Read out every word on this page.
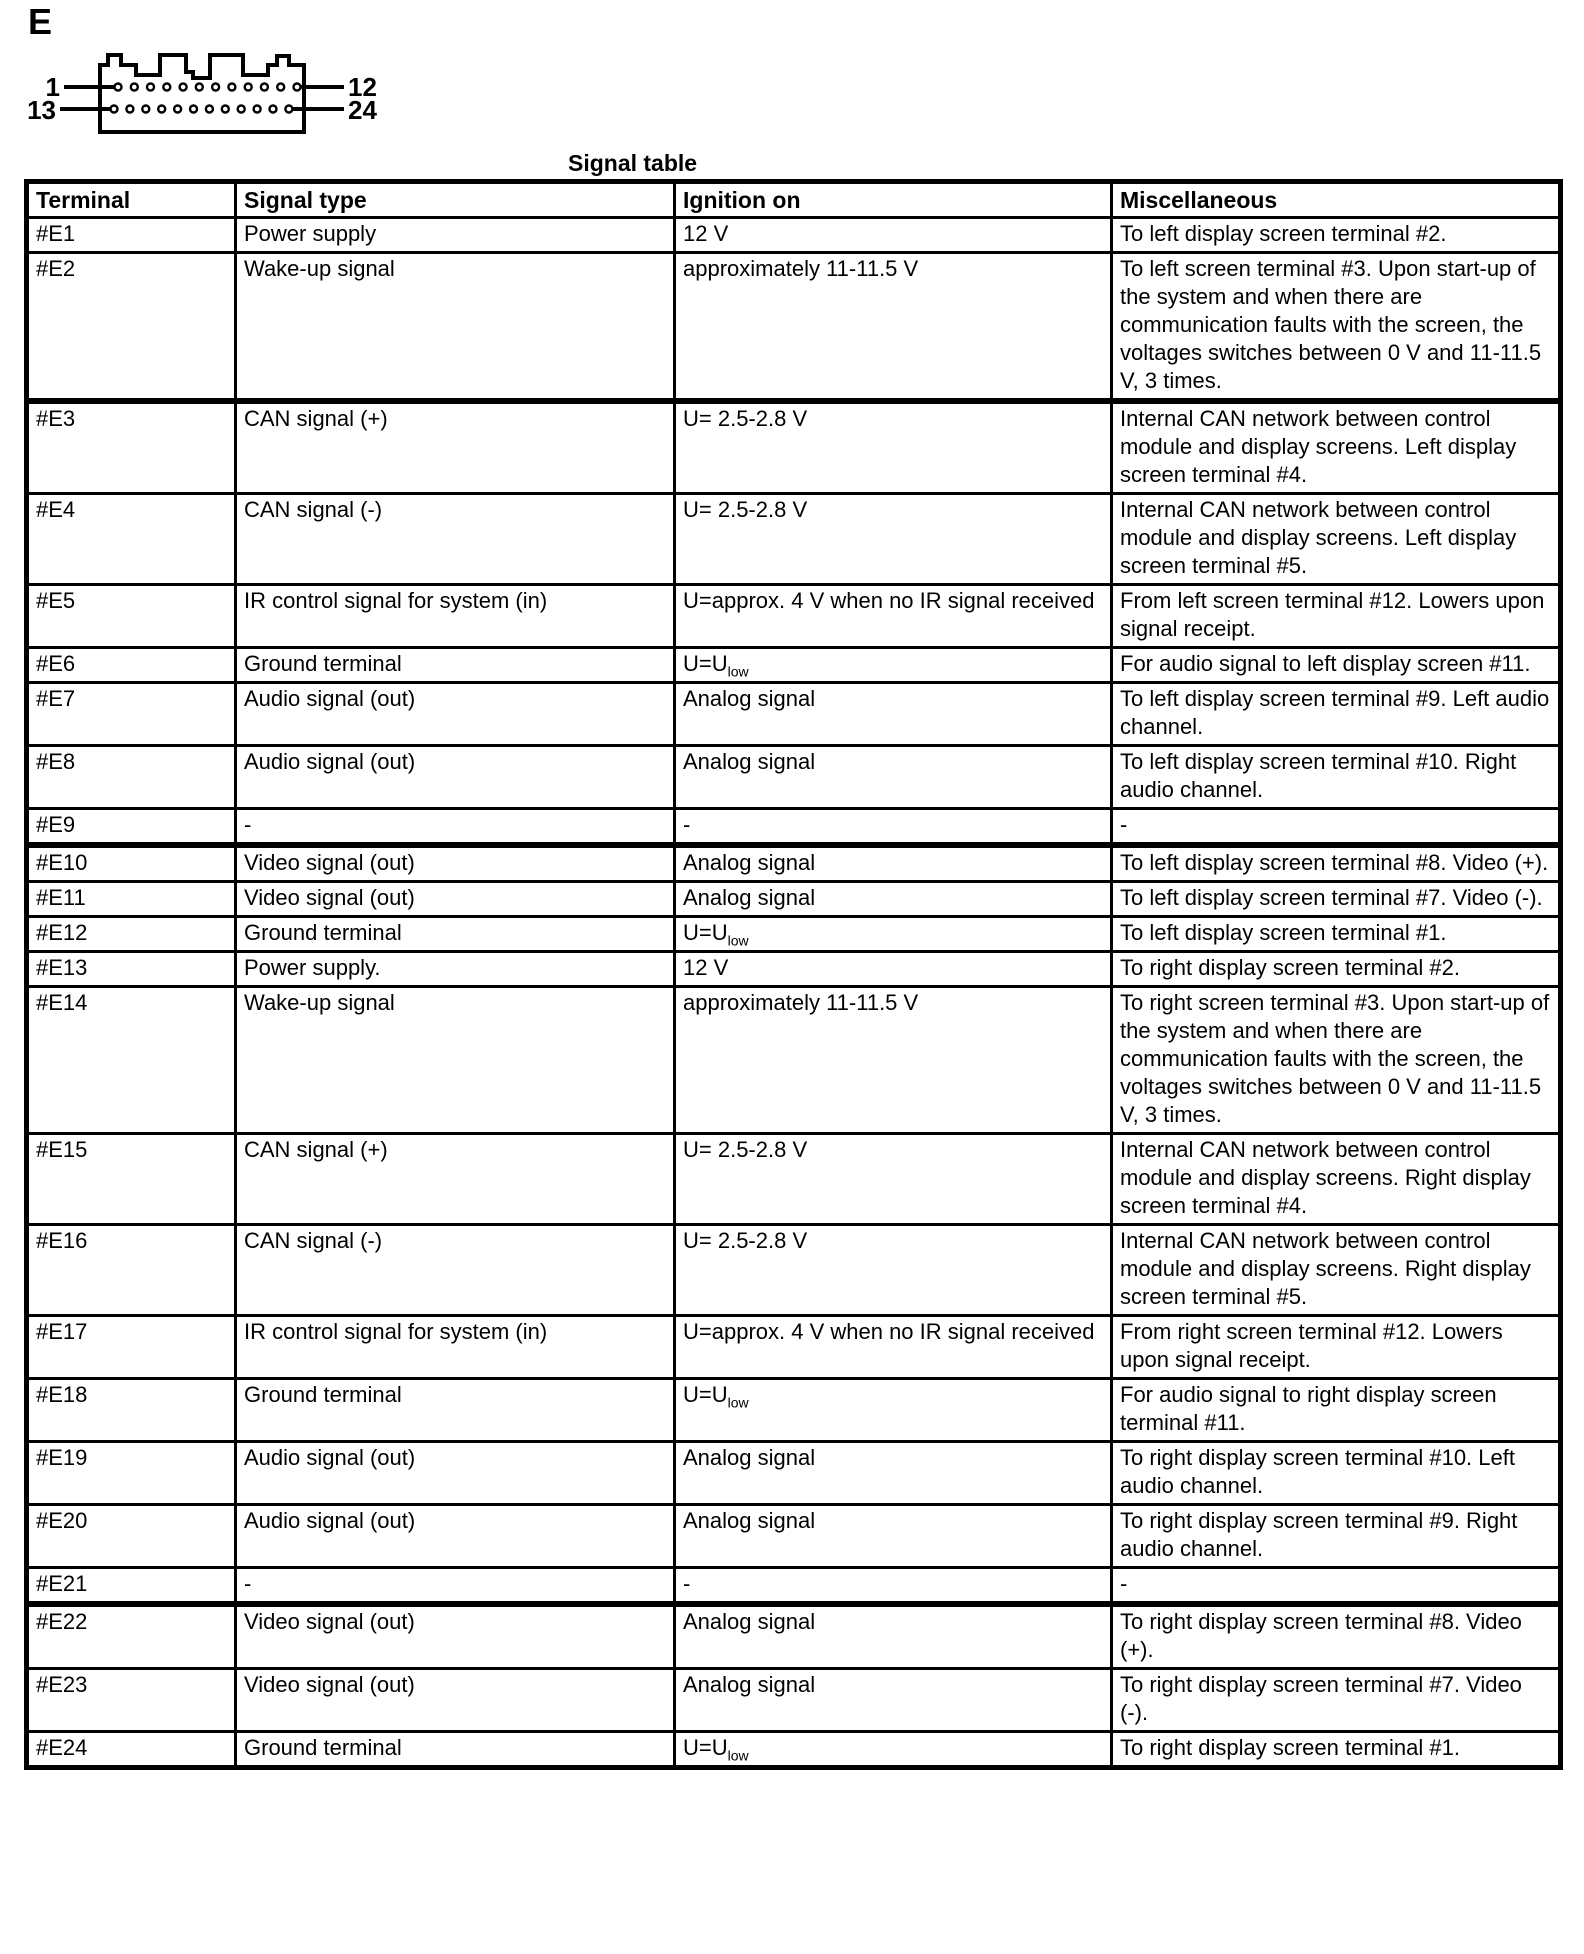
E
1
13
12
24
Signal table
Terminal	Signal type	Ignition on	Miscellaneous
#E1	Power supply	12 V	To left display screen terminal #2.
#E2	Wake-up signal	approximately 11-11.5 V	To left screen terminal #3. Upon start-up of the system and when there are communication faults with the screen, the voltages switches between 0 V and 11-11.5 V, 3 times.
#E3	CAN signal (+)	U= 2.5-2.8 V	Internal CAN network between control module and display screens. Left display screen terminal #4.
#E4	CAN signal (-)	U= 2.5-2.8 V	Internal CAN network between control module and display screens. Left display screen terminal #5.
#E5	IR control signal for system (in)	U=approx. 4 V when no IR signal received	From left screen terminal #12. Lowers upon signal receipt.
#E6	Ground terminal	$U=U_{low}$	For audio signal to left display screen #11.
#E7	Audio signal (out)	Analog signal	To left display screen terminal #9. Left audio channel.
#E8	Audio signal (out)	Analog signal	To left display screen terminal #10. Right audio channel.
#E9	-	-	-
#E10	Video signal (out)	Analog signal	To left display screen terminal #8. Video (+).
#E11	Video signal (out)	Analog signal	To left display screen terminal #7. Video (-).
#E12	Ground terminal	$U=U_{low}$	To left display screen terminal #1.
#E13	Power supply.	12 V	To right display screen terminal #2.
#E14	Wake-up signal	approximately 11-11.5 V	To right screen terminal #3. Upon start-up of the system and when there are communication faults with the screen, the voltages switches between 0 V and 11-11.5 V, 3 times.
#E15	CAN signal (+)	U= 2.5-2.8 V	Internal CAN network between control module and display screens. Right display screen terminal #4.
#E16	CAN signal (-)	U= 2.5-2.8 V	Internal CAN network between control module and display screens. Right display screen terminal #5.
#E17	IR control signal for system (in)	U=approx. 4 V when no IR signal received	From right screen terminal #12. Lowers upon signal receipt.
#E18	Ground terminal	$U=U_{low}$	For audio signal to right display screen terminal #11.
#E19	Audio signal (out)	Analog signal	To right display screen terminal #10. Left audio channel.
#E20	Audio signal (out)	Analog signal	To right display screen terminal #9. Right audio channel.
#E21	-	-	-
#E22	Video signal (out)	Analog signal	To right display screen terminal #8. Video (+).
#E23	Video signal (out)	Analog signal	To right display screen terminal #7. Video (-).
#E24	Ground terminal	$U=U_{low}$	To right display screen terminal #1.
